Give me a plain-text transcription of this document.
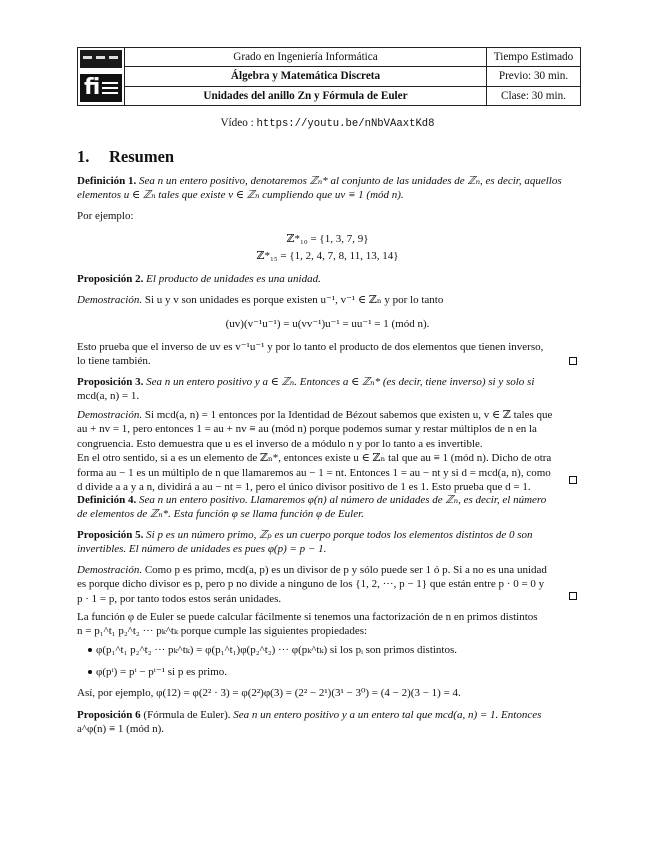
fi
Grado en Ingeniería Informática
Álgebra y Matemática Discreta
Unidades del anillo Zn y Fórmula de Euler
Tiempo Estimado
Previo: 30 min.
Clase: 30 min.
Vídeo : https://youtu.be/nNbVAaxtKd8
1. Resumen
Definición 1. Sea n un entero positivo, denotaremos ℤₙ* al conjunto de las unidades de ℤₙ, es decir, aquellos
elementos u ∈ ℤₙ tales que existe v ∈ ℤₙ cumpliendo que uv ≡ 1 (mód n).
Por ejemplo:
ℤ*₁₀ = {1, 3, 7, 9}
ℤ*₁₅ = {1, 2, 4, 7, 8, 11, 13, 14}
Proposición 2. El producto de unidades es una unidad.
Demostración. Si u y v son unidades es porque existen u⁻¹, v⁻¹ ∈ ℤₙ y por lo tanto
(uv)(v⁻¹u⁻¹) = u(vv⁻¹)u⁻¹ = uu⁻¹ = 1 (mód n).
Esto prueba que el inverso de uv es v⁻¹u⁻¹ y por lo tanto el producto de dos elementos que tienen inverso,
lo tiene también.
Proposición 3. Sea n un entero positivo y a ∈ ℤₙ. Entonces a ∈ ℤₙ* (es decir, tiene inverso) si y solo si
mcd(a, n) = 1.
Demostración. Si mcd(a, n) = 1 entonces por la Identidad de Bézout sabemos que existen u, v ∈ ℤ tales que
au + nv = 1, pero entonces 1 = au + nv ≡ au (mód n) porque podemos sumar y restar múltiplos de n en la
congruencia. Esto demuestra que u es el inverso de a módulo n y por lo tanto a es invertible.
En el otro sentido, si a es un elemento de ℤₙ*, entonces existe u ∈ ℤₙ tal que au ≡ 1 (mód n). Dicho de otra
forma au − 1 es un múltiplo de n que llamaremos au − 1 = nt. Entonces 1 = au − nt y si d = mcd(a, n), como
d divide a a y a n, dividirá a au − nt = 1, pero el único divisor positivo de 1 es 1. Esto prueba que d = 1.
Definición 4. Sea n un entero positivo. Llamaremos φ(n) al número de unidades de ℤₙ, es decir, el número
de elementos de ℤₙ*. Esta función φ se llama función φ de Euler.
Proposición 5. Si p es un número primo, ℤₚ es un cuerpo porque todos los elementos distintos de 0 son
invertibles. El número de unidades es pues φ(p) = p − 1.
Demostración. Como p es primo, mcd(a, p) es un divisor de p y sólo puede ser 1 ó p. Si a no es una unidad
es porque dicho divisor es p, pero p no divide a ninguno de los {1, 2, ···, p − 1} que están entre p · 0 = 0 y
p · 1 = p, por tanto todos estos serán unidades.
La función φ de Euler se puede calcular fácilmente si tenemos una factorización de n en primos distintos
n = p₁^t₁ p₂^t₂ ··· pₖ^tₖ porque cumple las siguientes propiedades:
φ(p₁^t₁ p₂^t₂ ··· pₖ^tₖ) = φ(p₁^t₁)φ(p₂^t₂) ··· φ(pₖ^tₖ) si los pᵢ son primos distintos.
φ(pᵗ) = pᵗ − pᵗ⁻¹ si p es primo.
Así, por ejemplo, φ(12) = φ(2² · 3) = φ(2²)φ(3) = (2² − 2¹)(3¹ − 3⁰) = (4 − 2)(3 − 1) = 4.
Proposición 6 (Fórmula de Euler). Sea n un entero positivo y a un entero tal que mcd(a, n) = 1. Entonces
a^φ(n) ≡ 1 (mód n).
